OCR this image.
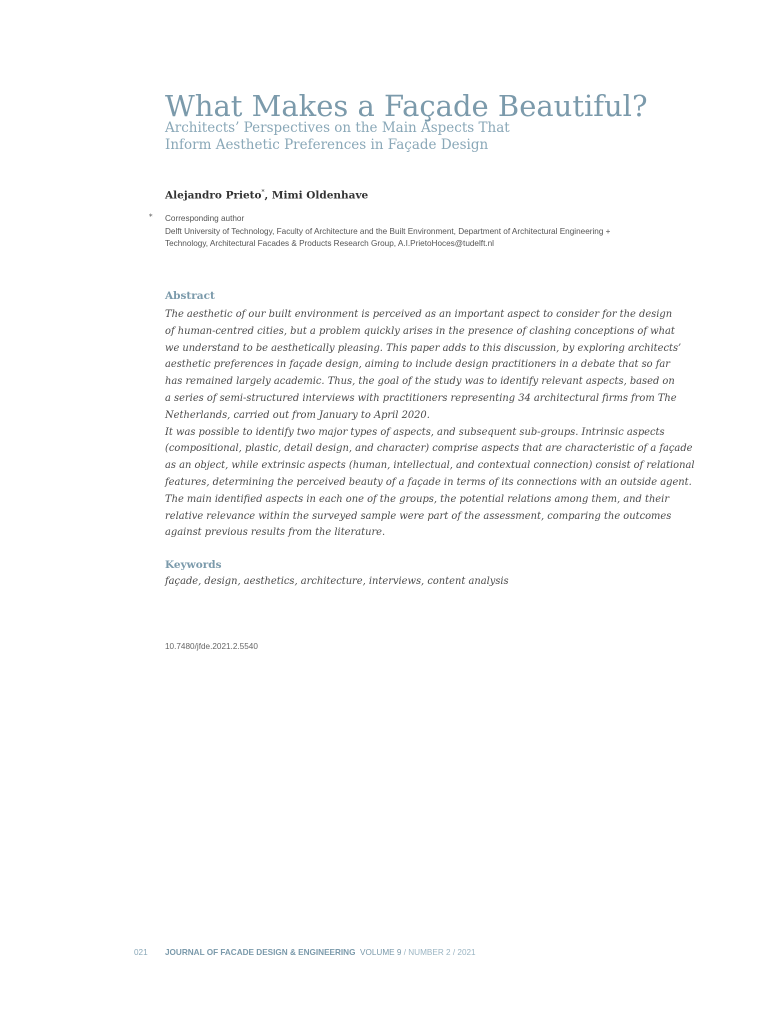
What Makes a Façade Beautiful?
Architects’ Perspectives on the Main Aspects That
Inform Aesthetic Preferences in Façade Design
Alejandro Prieto*, Mimi Oldenhave
* Corresponding author
Delft University of Technology, Faculty of Architecture and the Built Environment, Department of Architectural Engineering +
Technology, Architectural Facades & Products Research Group, A.I.PrietoHoces@tudelft.nl
Abstract
The aesthetic of our built environment is perceived as an important aspect to consider for the design
of human-centred cities, but a problem quickly arises in the presence of clashing conceptions of what
we understand to be aesthetically pleasing. This paper adds to this discussion, by exploring architects’
aesthetic preferences in façade design, aiming to include design practitioners in a debate that so far
has remained largely academic. Thus, the goal of the study was to identify relevant aspects, based on
a series of semi-structured interviews with practitioners representing 34 architectural firms from The
Netherlands, carried out from January to April 2020.
It was possible to identify two major types of aspects, and subsequent sub-groups. Intrinsic aspects
(compositional, plastic, detail design, and character) comprise aspects that are characteristic of a façade
as an object, while extrinsic aspects (human, intellectual, and contextual connection) consist of relational
features, determining the perceived beauty of a façade in terms of its connections with an outside agent.
The main identified aspects in each one of the groups, the potential relations among them, and their
relative relevance within the surveyed sample were part of the assessment, comparing the outcomes
against previous results from the literature.
Keywords
façade, design, aesthetics, architecture, interviews, content analysis
10.7480/jfde.2021.2.5540
021 JOURNAL OF FACADE DESIGN & ENGINEERING VOLUME 9 / NUMBER 2 / 2021
